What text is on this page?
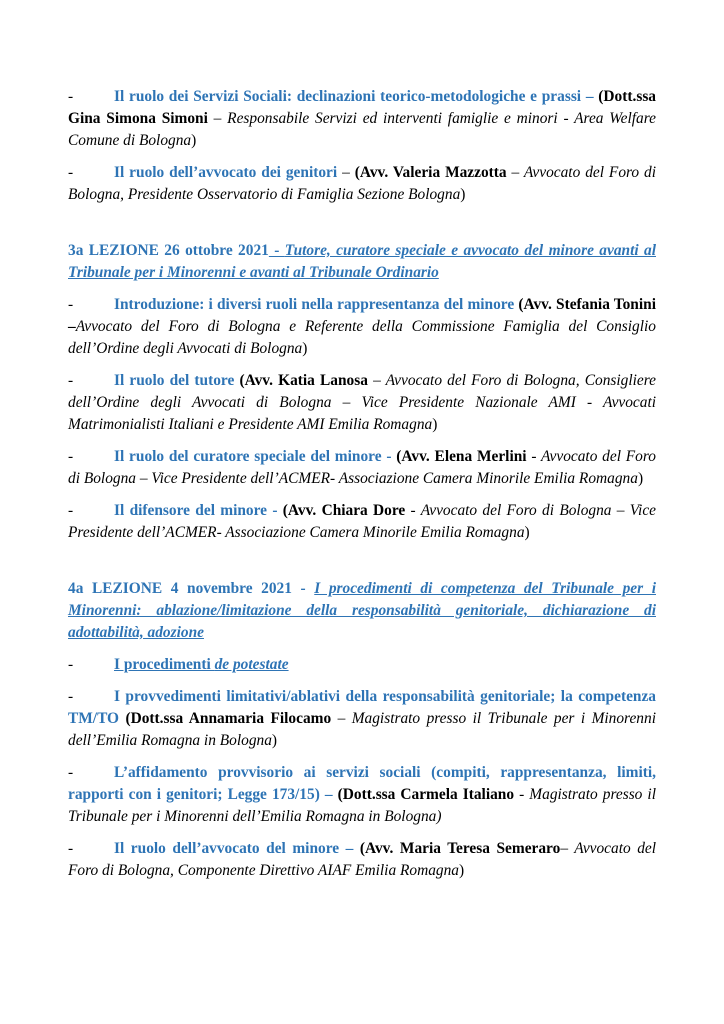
-	Il ruolo dei Servizi Sociali: declinazioni teorico-metodologiche e prassi – (Dott.ssa Gina Simona Simoni – Responsabile Servizi ed interventi famiglie e minori - Area Welfare Comune di Bologna)

-	Il ruolo dell’avvocato dei genitori – (Avv. Valeria Mazzotta – Avvocato del Foro di Bologna, Presidente Osservatorio di Famiglia Sezione Bologna)

3a LEZIONE 26 ottobre 2021 - Tutore, curatore speciale e avvocato del minore avanti al Tribunale per i Minorenni e avanti al Tribunale Ordinario

-	Introduzione: i diversi ruoli nella rappresentanza del minore (Avv. Stefania Tonini –Avvocato del Foro di Bologna e Referente della Commissione Famiglia del Consiglio dell’Ordine degli Avvocati di Bologna)

-	Il ruolo del tutore (Avv. Katia Lanosa – Avvocato del Foro di Bologna, Consigliere dell’Ordine degli Avvocati di Bologna – Vice Presidente Nazionale AMI - Avvocati Matrimonialisti Italiani e Presidente AMI Emilia Romagna)

-	Il ruolo del curatore speciale del minore - (Avv. Elena Merlini - Avvocato del Foro di Bologna – Vice Presidente dell’ACMER- Associazione Camera Minorile Emilia Romagna)

-	Il difensore del minore - (Avv. Chiara Dore - Avvocato del Foro di Bologna – Vice Presidente dell’ACMER- Associazione Camera Minorile Emilia Romagna)

4a LEZIONE 4 novembre 2021 - I procedimenti di competenza del Tribunale per i Minorenni: ablazione/limitazione della responsabilità genitoriale, dichiarazione di adottabilità, adozione

-	I procedimenti de potestate

-	I provvedimenti limitativi/ablativi della responsabilità genitoriale; la competenza TM/TO (Dott.ssa Annamaria Filocamo – Magistrato presso il Tribunale per i Minorenni dell’Emilia Romagna in Bologna)

-	L’affidamento provvisorio ai servizi sociali (compiti, rappresentanza, limiti, rapporti con i genitori; Legge 173/15) – (Dott.ssa Carmela Italiano - Magistrato presso il Tribunale per i Minorenni dell’Emilia Romagna in Bologna)

-	Il ruolo dell’avvocato del minore – (Avv. Maria Teresa Semeraro– Avvocato del Foro di Bologna, Componente Direttivo AIAF Emilia Romagna)
